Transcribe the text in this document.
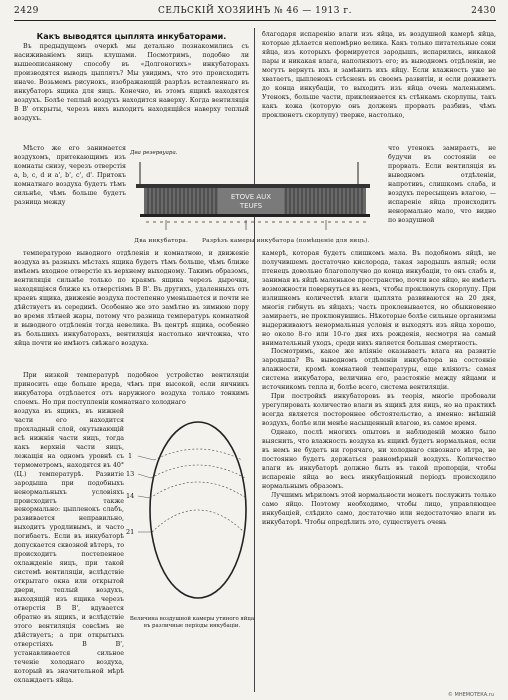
2429	СЕЛЬСКІЙ ХОЗЯИНЪ № 46 — 1913 г.	2430

Какъ выводятся цыплята инкубаторами.

Въ предыдущемъ очеркѣ мы детально познакомились съ насиживаніемъ яицъ клушами. Посмотримъ, подобно ли вышеописанному способу въ «Долгоногихъ» инкубаторахъ производятся выводъ цыплятъ? Мы увидимъ, что это происходитъ иначе. Возьмемъ рисунокъ, изображающій разрѣзъ вставленнаго въ инкубаторъ ящика для яицъ. Конечно, въ этомъ ящикѣ находятся воздухъ. Болѣе теплый воздухъ находится наверху. Когда вентиляція В В' открыты, черезъ нихъ выходитъ находящійся наверху теплый воздухъ.

Мѣсто же его занимается воздухомъ, притекающимъ изъ комнаты снизу, черезъ отверстія a, b, c, d и a', b', c', d'. Притокъ комнатнаго воздуха будетъ тѣмъ сильнѣе, чѣмъ больше будетъ разница между

температурою выводного отдѣленія и комнатною, и движеніе воздуха въ разныхъ мѣстахъ ящика будетъ тѣмъ больше, чѣмъ ближе имѣемъ входное отверстіе къ верхнему выходному. Такимъ образомъ, вентиляція сильнѣе только по краямъ ящика черезъ дырочки, находящіяся ближе къ отверстіямъ В В'. Въ другихъ, удаленныхъ отъ краевъ ящика, движеніе воздуха постепенно уменьшается и почти не дѣйствуетъ въ серединѣ. Особенно же это замѣтно въ зимнюю пору во время лѣтней жары, потому что разница температуръ комнатной и выводного отдѣленія тогда невелика. Въ центрѣ ящика, особенно въ большихъ инкубаторахъ, вентиляція настолько ничтожна, что яйца почти не имѣютъ свѣжаго воздуха.

При низкой температурѣ подобное устройство вентиляціи приносить еще больше вреда, чѣмъ при высокой, если яичникъ инкубатора отдѣлается отъ наружного воздуха только тонкимъ слоемъ. Но при поступленіи комнатнаго холоднаго

воздуха въ ящикъ, въ нижней части его находится прохладный слой, окутывающій всѣ нижнія части яицъ, тогда какъ верхнія части яицъ, лежащія на одномъ уровнѣ съ термометромъ, находятся въ 40° (Ц.) температурѣ. Развитіе зародыша при подобныхъ ненормальныхъ условіяхъ происходитъ также ненормально: цыпленокъ слабъ, развивается неправильно, выходитъ уродливымъ, и часто погибаетъ. Если въ инкубаторѣ допускается сквозной вѣтеръ, то происходитъ постепенное охлажденіе яицъ, при такой системѣ вентиляціи, вслѣдствіе открытаго окна или открытой двери, теплый воздухъ, выходящій изъ ящика черезъ отверстія В В', вдувается обратно въ ящикъ, и вслѣдствіе этого вентиляція совсѣмъ не дѣйствуетъ; а при открытыхъ отверстіяхъ В В', устанавливается сильное теченіе холоднаго воздуха, который въ значительной мѣрѣ охлаждаетъ яйца.

благодаря испаренію влаги изъ яйца, въ воздушной камерѣ яйца, которые дѣлается непомѣрно велика. Какъ только питательные соки яйца, изъ которыхъ формируется зародышъ, испарились, никакой пары и никакая влага, наполняютъ его; въ выводномъ отдѣленіи, не могутъ вернуть ихъ и замѣнить ихъ яйцу. Если влажность уже не хватаетъ, цыпленокъ стѣсненъ въ своемъ развитіи, и если доживетъ до конца инкубаціи, то выходитъ изъ яйца очень маленькимъ. Утенокъ, больше части, приклеивается къ стѣнкамъ скорлупы, такъ какъ кожа (которую онъ долженъ прорвать разбивъ, чѣмъ проклюнетъ скорлупу) тверже, настолько,

что утенокъ замираетъ, не будучи въ состояніи ее прорвать. Если вентиляція въ выводномъ отдѣленіи, напротивъ, слишкомъ слаба, и воздухъ пересыщенъ влагою, — испареніе яйца происходитъ ненормально мало, что видно по воздушной

камерѣ, которая будетъ слишкомъ мала. Въ подобномъ яйцѣ, не получившемъ достаточно кислорода, такая зародышъ вялый; если птенецъ довольно благополучно до конца инкубаціи, то онъ слабъ и, занимая въ яйцѣ маленькое пространство, почти все яйцо, не имѣетъ возможности повернуться въ немъ, чтобы проклюнуть скорлупу. При излишнемъ количествѣ влаги цыплята развиваются на 20 дня, многія гибнуть въ яйцахъ; часть проклевывается, но обыкновенно замираетъ, не проклюнувшись. Нѣкоторые болѣе сильные организмы выдерживаютъ ненормальныя условія и выходятъ изъ яйца хорошо, но около 8-го или 10-го дня ихъ рожденія, несмотря на самый внимательный уходъ, среди нихъ является большая смертность.

Посмотримъ, какое же вліяніе оказываетъ влага на развитіе зародыша? Въ выводномъ отдѣленіи инкубатора на состояніе влажности, кромѣ комнатной температуры, еще вліяютъ: самая система инкубатора, величина его, разстояніе между яйцами и источникомъ тепла и, болѣе всего, система вентиляціи.

При постройкѣ инкубаторовъ въ теорія, многіе пробовали урегулировать количество влаги въ ящикѣ для яицъ, но на практикѣ всегда является постороннее обстоятельство, а именно: внѣшній воздухъ, болѣе или менѣе насыщенный влагою, въ самое время.

Однако, послѣ многихъ опытовъ и наблюденій можно было выяснить, что влажность воздуха въ ящикѣ будетъ нормальная, если въ немъ не будетъ ни горячаго, ни холоднаго сквознаго вѣтра, не постоянно будетъ держаться равномѣрный воздухъ. Количество влаги въ инкубаторѣ должно быть въ такой пропорціи, чтобы испареніе яйца во весь инкубаціонный періодъ происходило нормальнымъ образомъ.

Лучшимъ мѣриломъ этой нормальности можетъ послужить только само яйцо. Поэтому необходимо, чтобы лицо, управляющее инкубаціей, слѣдило само, достаточно или недостаточно влаги въ инкубаторѣ. Чтобы опредѣлить это, существуетъ очень

Два резервуара.
ETOVE AUX
TEUFS
Два инкубатора. Разрѣзъ камеры инкубатора (помѣщеніе для яицъ).
1
13
14
21
Величина воздушной камеры утиного яйца въ различные періоды инкубаціи.
© МНЕМОТЕКА.ru
